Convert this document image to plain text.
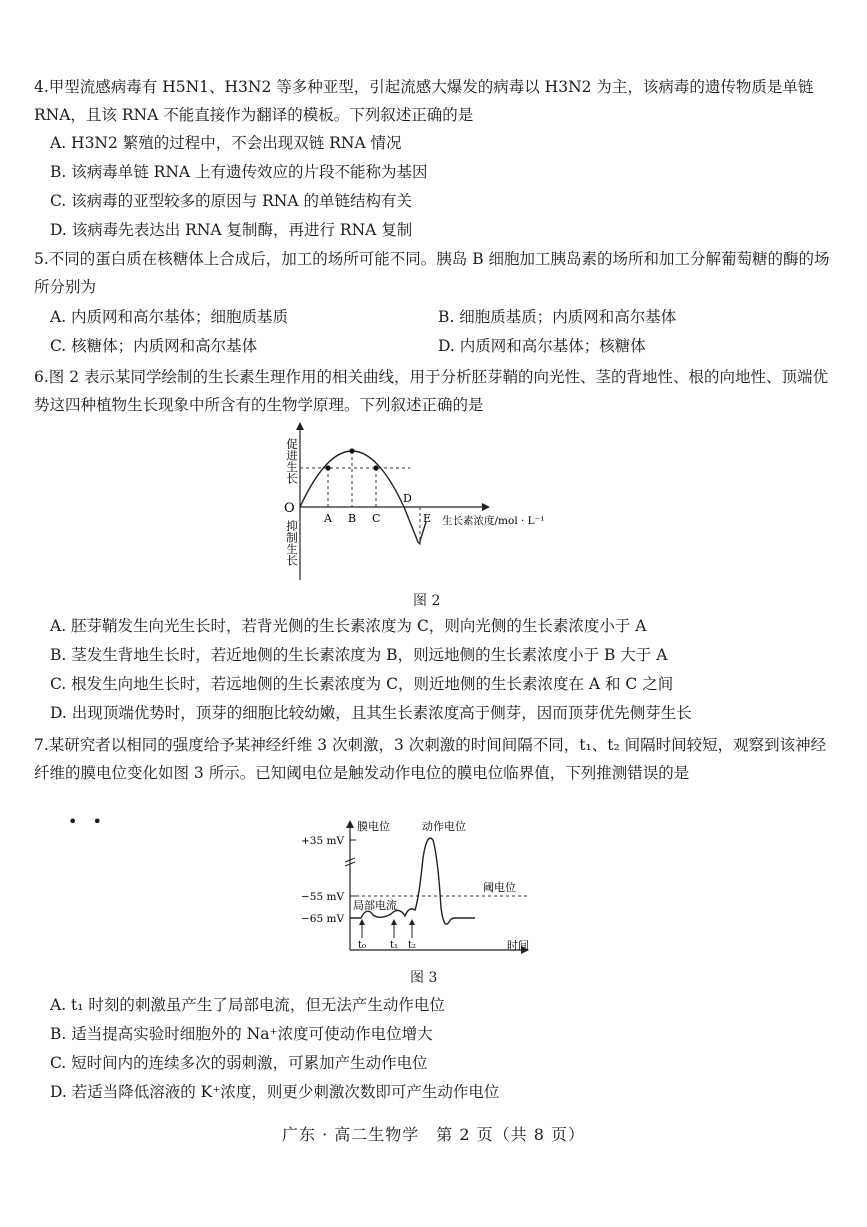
4.甲型流感病毒有 H5N1、H3N2 等多种亚型，引起流感大爆发的病毒以 H3N2 为主，该病毒的遗传物质是单链 RNA，且该 RNA 不能直接作为翻译的模板。下列叙述正确的是
A. H3N2 繁殖的过程中，不会出现双链 RNA 情况
B. 该病毒单链 RNA 上有遗传效应的片段不能称为基因
C. 该病毒的亚型较多的原因与 RNA 的单链结构有关
D. 该病毒先表达出 RNA 复制酶，再进行 RNA 复制
5.不同的蛋白质在核糖体上合成后，加工的场所可能不同。胰岛 B 细胞加工胰岛素的场所和加工分解葡萄糖的酶的场所分别为
A. 内质网和高尔基体；细胞质基质	B. 细胞质基质；内质网和高尔基体
C. 核糖体；内质网和高尔基体	D. 内质网和高尔基体；核糖体
6.图 2 表示某同学绘制的生长素生理作用的相关曲线，用于分析胚芽鞘的向光性、茎的背地性、根的向地性、顶端优势这四种植物生长现象中所含有的生物学原理。下列叙述正确的是
O
A B C
D
E 生长素浓度/mol · L⁻¹
促进生长
抑制生长
图 2
A. 胚芽鞘发生向光生长时，若背光侧的生长素浓度为 C，则向光侧的生长素浓度小于 A
B. 茎发生背地生长时，若近地侧的生长素浓度为 B，则远地侧的生长素浓度小于 B 大于 A
C. 根发生向地生长时，若远地侧的生长素浓度为 C，则近地侧的生长素浓度在 A 和 C 之间
D. 出现顶端优势时，顶芽的细胞比较幼嫩，且其生长素浓度高于侧芽，因而顶芽优先侧芽生长
7.某研究者以相同的强度给予某神经纤维 3 次刺激，3 次刺激的时间间隔不同，t₁、t₂ 间隔时间较短，观察到该神经纤维的膜电位变化如图 3 所示。已知阈电位是触发动作电位的膜电位临界值，下列推测错误的是
• •
+35 mV
−55 mV
−65 mV
膜电位	动作电位
阈电位
局部电流
t₀ t₁ t₂	时间
图 3
A. t₁ 时刻的刺激虽产生了局部电流，但无法产生动作电位
B. 适当提高实验时细胞外的 Na⁺浓度可使动作电位增大
C. 短时间内的连续多次的弱刺激，可累加产生动作电位
D. 若适当降低溶液的 K⁺浓度，则更少刺激次数即可产生动作电位
广东 · 高二生物学　第 2 页（共 8 页）
